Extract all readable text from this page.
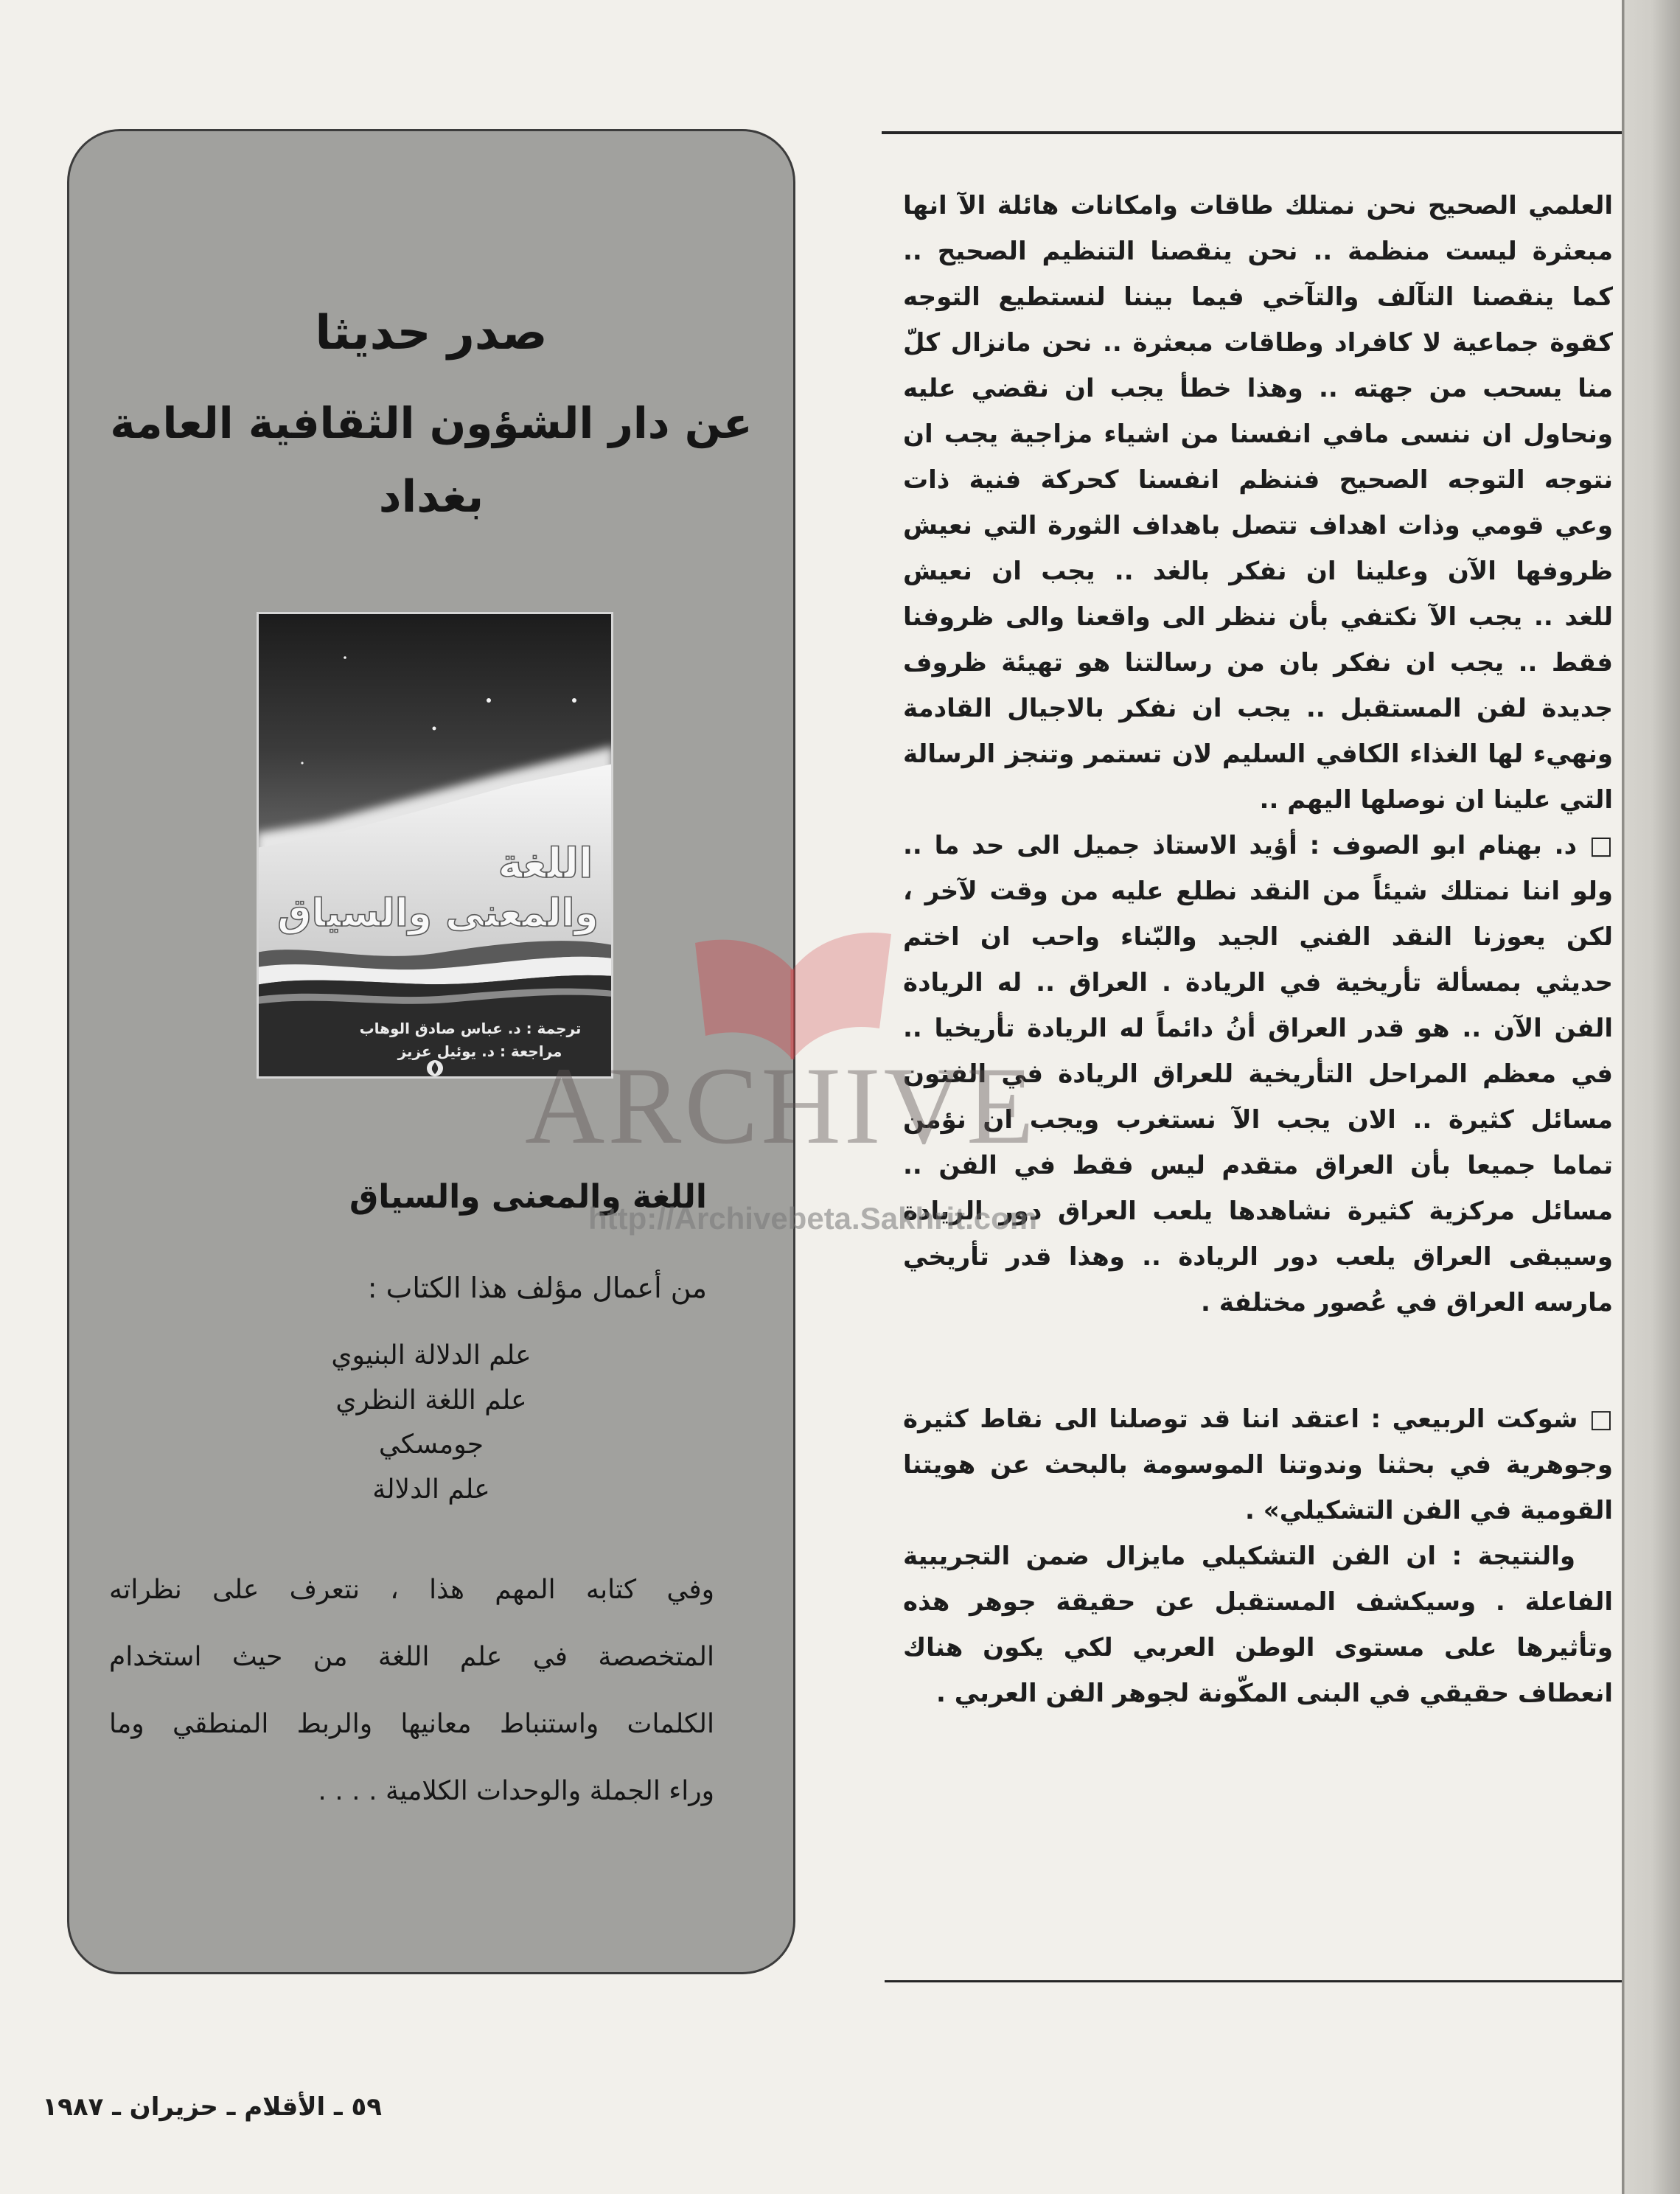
العلمي الصحيح نحن نمتلك طاقات وامكانات هائلة الآ انها
مبعثرة ليست منظمة .. نحن ينقصنا التنظيم الصحيح ..
كما ينقصنا التآلف والتآخي فيما بيننا لنستطيع التوجه
كقوة جماعية لا كافراد وطاقات مبعثرة .. نحن مانزال كلّ
منا يسحب من جهته .. وهذا خطأ يجب ان نقضي عليه
ونحاول ان ننسى مافي انفسنا من اشياء مزاجية يجب ان
نتوجه التوجه الصحيح فننظم انفسنا كحركة فنية ذات
وعي قومي وذات اهداف تتصل باهداف الثورة التي نعيش
ظروفها الآن وعلينا ان نفكر بالغد .. يجب ان نعيش
للغد .. يجب الآ نكتفي بأن ننظر الى واقعنا والى ظروفنا
فقط .. يجب ان نفكر بان من رسالتنا هو تهيئة ظروف
جديدة لفن المستقبل .. يجب ان نفكر بالاجيال القادمة
ونهيء لها الغذاء الكافي السليم لان تستمر وتنجز الرسالة
التي علينا ان نوصلها اليهم ..
□ د. بهنام ابو الصوف : أؤيد الاستاذ جميل الى حد ما ..
ولو اننا نمتلك شيئاً من النقد نطلع عليه من وقت لآخر ،
لكن يعوزنا النقد الفني الجيد والبّناء واحب ان اختم
حديثي بمسألة تأريخية في الريادة . العراق .. له الريادة
الفن الآن .. هو قدر العراق أنُ دائماً له الريادة تأريخيا ..
في معظم المراحل التأريخية للعراق الريادة في الفنون
مسائل كثيرة .. الان يجب الآ نستغرب ويجب ان نؤمن
تماما جميعا بأن العراق متقدم ليس فقط في الفن ..
مسائل مركزية كثيرة نشاهدها يلعب العراق دور الريادة
وسيبقى العراق يلعب دور الريادة .. وهذا قدر تأريخي
مارسه العراق في عُصور مختلفة .
□ شوكت الربيعي : اعتقد اننا قد توصلنا الى نقاط كثيرة
وجوهرية في بحثنا وندوتنا الموسومة بالبحث عن هويتنا
القومية في الفن التشكيلي» .
والنتيجة : ان الفن التشكيلي مايزال ضمن التجريبية
الفاعلة . وسيكشف المستقبل عن حقيقة جوهر هذه
وتأثيرها على مستوى الوطن العربي لكي يكون هناك
انعطاف حقيقي في البنى المكّونة لجوهر الفن العربي .
صدر حديثا
عن دار الشؤون الثقافية العامة
بغداد
اللغة
والمعنى والسياق
ترجمة : د. عباس صادق الوهاب
مراجعة : د. يوئيل عزيز
اللغة والمعنى والسياق
من أعمال مؤلف هذا الكتاب :
علم الدلالة البنيوي
علم اللغة النظري
جومسكي
علم الدلالة
وفي كتابه المهم هذا ، نتعرف على نظراته
المتخصصة في علم اللغة من حيث استخدام
الكلمات واستنباط معانيها والربط المنطقي وما
وراء الجملة والوحدات الكلامية . . . .
ARCHIVE
http://Archivebeta.Sakhrit.com
٥٩ ـ الأقلام ـ حزيران ـ ١٩٨٧
